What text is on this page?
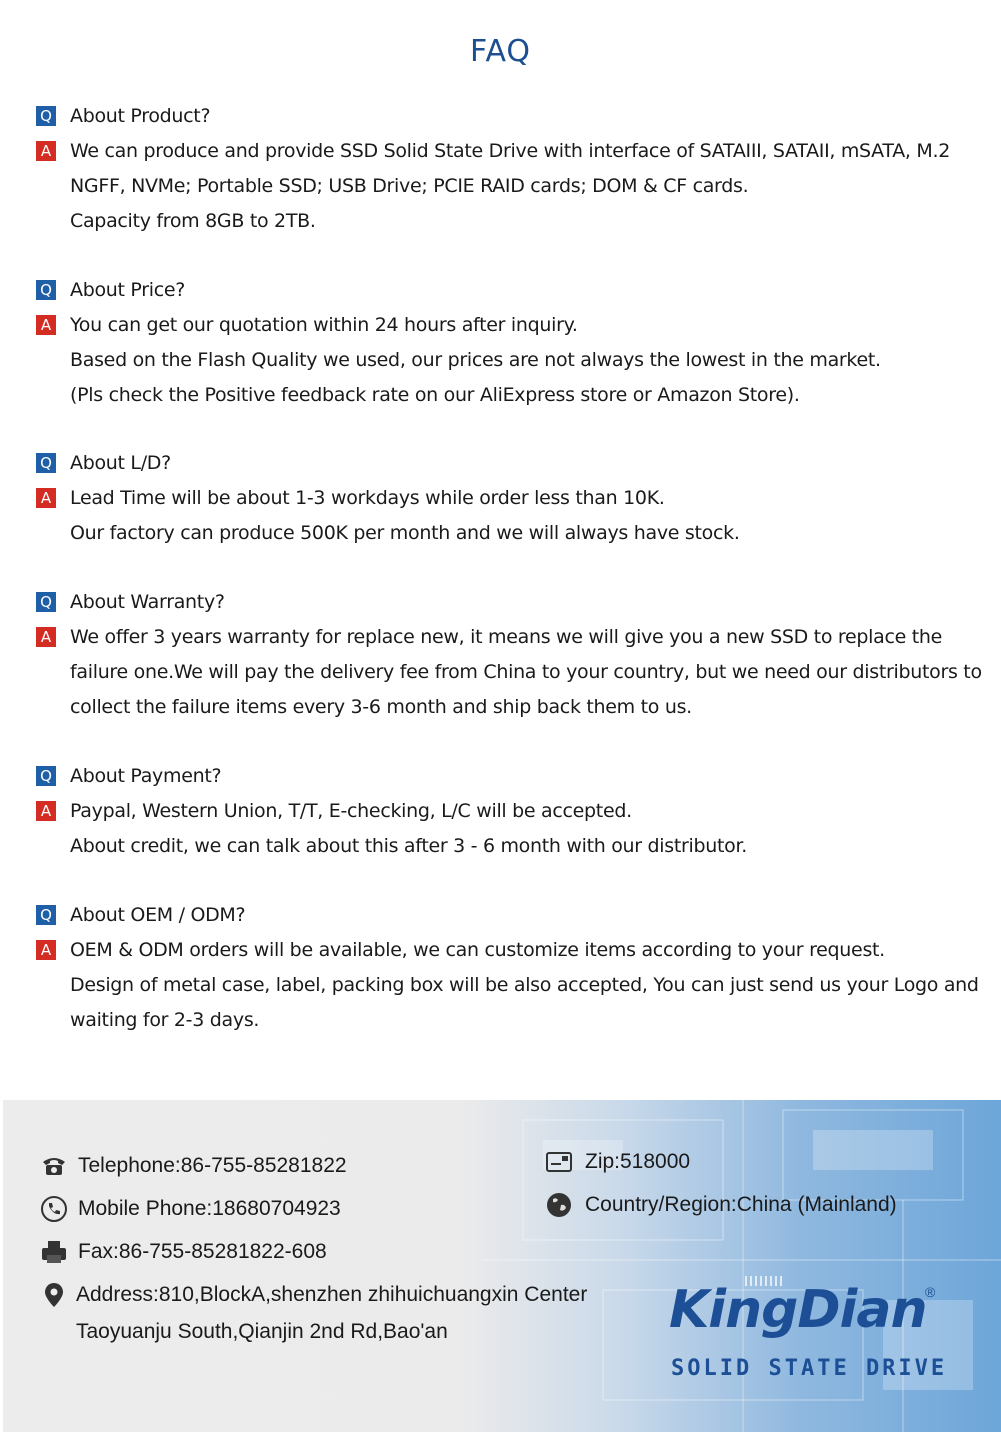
FAQ
Q About Product?
A We can produce and provide SSD Solid State Drive with interface of SATAIII, SATAII, mSATA, M.2
NGFF, NVMe; Portable SSD; USB Drive; PCIE RAID cards; DOM & CF cards.
Capacity from 8GB to 2TB.
Q About Price?
A You can get our quotation within 24 hours after inquiry.
Based on the Flash Quality we used, our prices are not always the lowest in the market.
(Pls check the Positive feedback rate on our AliExpress store or Amazon Store).
Q About L/D?
A Lead Time will be about 1-3 workdays while order less than 10K.
Our factory can produce 500K per month and we will always have stock.
Q About Warranty?
A We offer 3 years warranty for replace new, it means we will give you a new SSD to replace the
failure one.We will pay the delivery fee from China to your country, but we need our distributors to
collect the failure items every 3-6 month and ship back them to us.
Q About Payment?
A Paypal, Western Union, T/T, E-checking, L/C will be accepted.
About credit, we can talk about this after 3 - 6 month with our distributor.
Q About OEM / ODM?
A OEM & ODM orders will be available, we can customize items according to your request.
Design of metal case, label, packing box will be also accepted, You can just send us your Logo and
waiting for 2-3 days.
Telephone:86-755-85281822
Mobile Phone:18680704923
Fax:86-755-85281822-608
Address:810,BlockA,shenzhen zhihuichuangxin Center
Taoyuanju South,Qianjin 2nd Rd,Bao'an
Zip:518000
Country/Region:China (Mainland)
KingDian
®
SOLID STATE DRIVE
